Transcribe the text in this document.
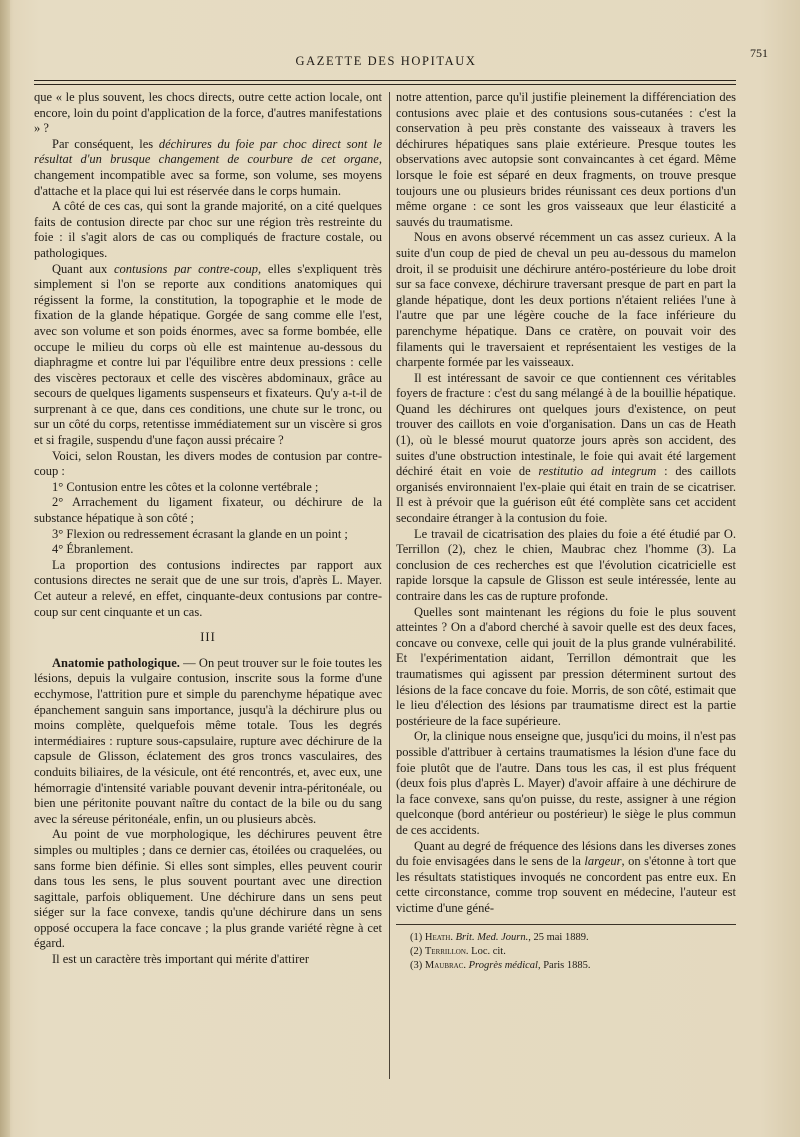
GAZETTE DES HOPITAUX
751

que « le plus souvent, les chocs directs, outre cette action locale, ont encore, loin du point d'application de la force, d'autres manifestations » ?

Par conséquent, les déchirures du foie par choc direct sont le résultat d'un brusque changement de courbure de cet organe, changement incompatible avec sa forme, son volume, ses moyens d'attache et la place qui lui est réservée dans le corps humain.

A côté de ces cas, qui sont la grande majorité, on a cité quelques faits de contusion directe par choc sur une région très restreinte du foie : il s'agit alors de cas ou compliqués de fracture costale, ou pathologiques.

Quant aux contusions par contre-coup, elles s'expliquent très simplement si l'on se reporte aux conditions anatomiques qui régissent la forme, la constitution, la topographie et le mode de fixation de la glande hépatique. Gorgée de sang comme elle l'est, avec son volume et son poids énormes, avec sa forme bombée, elle occupe le milieu du corps où elle est maintenue au-dessous du diaphragme et contre lui par l'équilibre entre deux pressions : celle des viscères pectoraux et celle des viscères abdominaux, grâce au secours de quelques ligaments suspenseurs et fixateurs. Qu'y a-t-il de surprenant à ce que, dans ces conditions, une chute sur le tronc, ou sur un côté du corps, retentisse immédiatement sur un viscère si gros et si fragile, suspendu d'une façon aussi précaire ?

Voici, selon Roustan, les divers modes de contusion par contre-coup :

1° Contusion entre les côtes et la colonne vertébrale ;

2° Arrachement du ligament fixateur, ou déchirure de la substance hépatique à son côté ;

3° Flexion ou redressement écrasant la glande en un point ;

4° Ébranlement.

La proportion des contusions indirectes par rapport aux contusions directes ne serait que de une sur trois, d'après L. Mayer. Cet auteur a relevé, en effet, cinquante-deux contusions par contre-coup sur cent cinquante et un cas.

III

Anatomie pathologique. — On peut trouver sur le foie toutes les lésions, depuis la vulgaire contusion, inscrite sous la forme d'une ecchymose, l'attrition pure et simple du parenchyme hépatique avec épanchement sanguin sans importance, jusqu'à la déchirure plus ou moins complète, quelquefois même totale. Tous les degrés intermédiaires : rupture sous-capsulaire, rupture avec déchirure de la capsule de Glisson, éclatement des gros troncs vasculaires, des conduits biliaires, de la vésicule, ont été rencontrés, et, avec eux, une hémorragie d'intensité variable pouvant devenir intra-péritonéale, ou bien une péritonite pouvant naître du contact de la bile ou du sang avec la séreuse péritonéale, enfin, un ou plusieurs abcès.

Au point de vue morphologique, les déchirures peuvent être simples ou multiples ; dans ce dernier cas, étoilées ou craquelées, ou sans forme bien définie. Si elles sont simples, elles peuvent courir dans tous les sens, le plus souvent pourtant avec une direction sagittale, parfois obliquement. Une déchirure dans un sens peut siéger sur la face convexe, tandis qu'une déchirure dans un sens opposé occupera la face concave ; la plus grande variété règne à cet égard.

Il est un caractère très important qui mérite d'attirer

notre attention, parce qu'il justifie pleinement la différenciation des contusions avec plaie et des contusions sous-cutanées : c'est la conservation à peu près constante des vaisseaux à travers les déchirures hépatiques sans plaie extérieure. Presque toutes les observations avec autopsie sont convaincantes à cet égard. Même lorsque le foie est séparé en deux fragments, on trouve presque toujours une ou plusieurs brides réunissant ces deux portions d'un même organe : ce sont les gros vaisseaux que leur élasticité a sauvés du traumatisme.

Nous en avons observé récemment un cas assez curieux. A la suite d'un coup de pied de cheval un peu au-dessous du mamelon droit, il se produisit une déchirure antéro-postérieure du lobe droit sur sa face convexe, déchirure traversant presque de part en part la glande hépatique, dont les deux portions n'étaient reliées l'une à l'autre que par une légère couche de la face inférieure du parenchyme hépatique. Dans ce cratère, on pouvait voir des filaments qui le traversaient et représentaient les vestiges de la charpente formée par les vaisseaux.

Il est intéressant de savoir ce que contiennent ces véritables foyers de fracture : c'est du sang mélangé à de la bouillie hépatique. Quand les déchirures ont quelques jours d'existence, on peut trouver des caillots en voie d'organisation. Dans un cas de Heath (1), où le blessé mourut quatorze jours après son accident, des suites d'une obstruction intestinale, le foie qui avait été largement déchiré était en voie de restitutio ad integrum : des caillots organisés environnaient l'ex-plaie qui était en train de se cicatriser. Il est à prévoir que la guérison eût été complète sans cet accident secondaire étranger à la contusion du foie.

Le travail de cicatrisation des plaies du foie a été étudié par O. Terrillon (2), chez le chien, Maubrac chez l'homme (3). La conclusion de ces recherches est que l'évolution cicatricielle est rapide lorsque la capsule de Glisson est seule intéressée, lente au contraire dans les cas de rupture profonde.

Quelles sont maintenant les régions du foie le plus souvent atteintes ? On a d'abord cherché à savoir quelle est des deux faces, concave ou convexe, celle qui jouit de la plus grande vulnérabilité. Et l'expérimentation aidant, Terrillon démontrait que les traumatismes qui agissent par pression déterminent surtout des lésions de la face concave du foie. Morris, de son côté, estimait que le lieu d'élection des lésions par traumatisme direct est la partie postérieure de la face supérieure.

Or, la clinique nous enseigne que, jusqu'ici du moins, il n'est pas possible d'attribuer à certains traumatismes la lésion d'une face du foie plutôt que de l'autre. Dans tous les cas, il est plus fréquent (deux fois plus d'après L. Mayer) d'avoir affaire à une déchirure de la face convexe, sans qu'on puisse, du reste, assigner à une région quelconque (bord antérieur ou postérieur) le siège le plus commun de ces accidents.

Quant au degré de fréquence des lésions dans les diverses zones du foie envisagées dans le sens de la largeur, on s'étonne à tort que les résultats statistiques invoqués ne concordent pas entre eux. En cette circonstance, comme trop souvent en médecine, l'auteur est victime d'une géné-

(1) Heath. Brit. Med. Journ., 25 mai 1889.

(2) Terrillon. Loc. cit.

(3) Maubrac. Progrès médical, Paris 1885.
